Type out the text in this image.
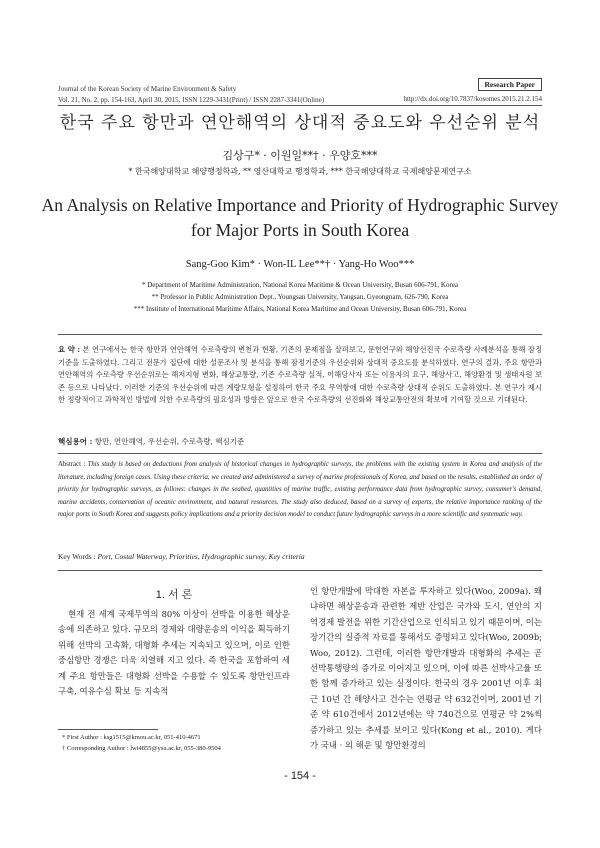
Journal of the Korean Society of Marine Environment & Safety
Vol. 21, No. 2, pp. 154-163, April 30, 2015, ISSN 1229-3431(Print) / ISSN 2287-3341(Online)
Research Paper
http://dx.doi.org/10.7837/kosomes.2015.21.2.154
한국 주요 항만과 연안해역의 상대적 중요도와 우선순위 분석
김상구* · 이원일**† · 우양호***
* 한국해양대학교 해양행정학과, ** 영산대학교 행정학과, *** 한국해양대학교 국제해양문제연구소
An Analysis on Relative Importance and Priority of Hydrographic Survey
for Major Ports in South Korea
Sang-Goo Kim* · Won-IL Lee**† · Yang-Ho Woo***
* Department of Maritime Administration, National Korea Maritime & Ocean University, Busan 606-791, Korea
** Professor in Public Administration Dept., Youngsan University, Yangsan, Gyeongnam, 626-790, Korea
*** Institute of International Maritime Affairs, National Korea Maritime and Ocean University, Busan 606-791, Korea
요 약 : 본 연구에서는 한국 항만과 연안해역 수로측량의 변천과 현황, 기존의 문제점을 살펴보고, 문헌연구와 해양선진국 수로측량 사례분석을 통해 잠정기준을 도출하였다. 그리고 전문가 집단에 대한 설문조사 및 분석을 통해 잠정기준의 우선순위와 상대적 중요도를 분석하였다. 연구의 결과, 주요 항만과 연안해역의 수로측량 우선순위로는 해저지형 변화, 해상교통량, 기존 수로측량 실적, 이해당사자 또는 이용자의 요구, 해양사고, 해양환경 및 생태자원 보존 등으로 나타났다. 이러한 기준의 우선순위에 따른 계량모형을 설정하여 한국 주요 무역항에 대한 수로측량 상대적 순위도 도출하였다. 본 연구가 제시한 정량적이고 과학적인 방법에 의한 수로측량의 필요성과 방향은 앞으로 한국 수로측량의 선진화와 해상교통안전의 확보에 기여할 것으로 기대된다.
핵심용어 : 항만, 연안해역, 우선순위, 수로측량, 핵심기준
Abstract : This study is based on deductions from analysis of historical changes in hydrographic surveys, the problems with the existing system in Korea and analysis of the literature, including foreign cases. Using these criteria, we created and administered a survey of marine professionals of Korea, and based on the results, established an order of priority for hydrographic surveys, as follows: changes in the seabed, quantities of marine traffic, existing performance data from hydrographic survey, consumer's demand, marine accidents, conservation of oceanic environment, and natural resources. The study also deduced, based on a survey of experts, the relative importance ranking of the major ports in South Korea and suggests policy implications and a priority decision model to conduct future hydrographic surveys in a more scientific and systematic way.
Key Words : Port, Costal Waterway, Priorities, Hydrographic survey, Key criteria
1. 서 론
현재 전 세계 국제무역의 80% 이상이 선박을 이용한 해상운송에 의존하고 있다. 규모의 경제와 대량운송의 이익을 획득하기 위해 선박의 고속화, 대형화 추세는 지속되고 있으며, 이로 인한 중심항만 경쟁은 더욱 치열해 지고 있다. 즉 한국을 포함하여 세계 주요 항만들은 대형화 선박을 수용할 수 있도록 항만인프라 구축, 여유수심 확보 등 지속적
인 항만개발에 막대한 자본을 투자하고 있다(Woo, 2009a). 왜냐하면 해상운송과 관련한 제반 산업은 국가와 도시, 연안의 지역경제 발전을 위한 기간산업으로 인식되고 있기 때문이며, 이는 장기간의 실증적 자료를 통해서도 증명되고 있다(Woo, 2009b; Woo, 2012). 그런데, 이러한 항만개발과 대형화의 추세는 곧 선박통행량의 증가로 이어지고 있으며, 이에 따른 선박사고율 또한 함께 증가하고 있는 실정이다. 한국의 경우 2001년 이후 최근 10년 간 해양사고 건수는 연평균 약 632건이며, 2001년 기준 약 610건에서 2012년에는 약 740건으로 연평균 약 2%씩 증가하고 있는 추세를 보이고 있다(Kong et al., 2010). 게다가 국내 · 외 해운 및 항만환경의
* First Author : ksg1515@kmou.ac.kr, 051-410-4671
† Corresponding Author : lwi4855@ysu.ac.kr, 055-380-9504
- 154 -
